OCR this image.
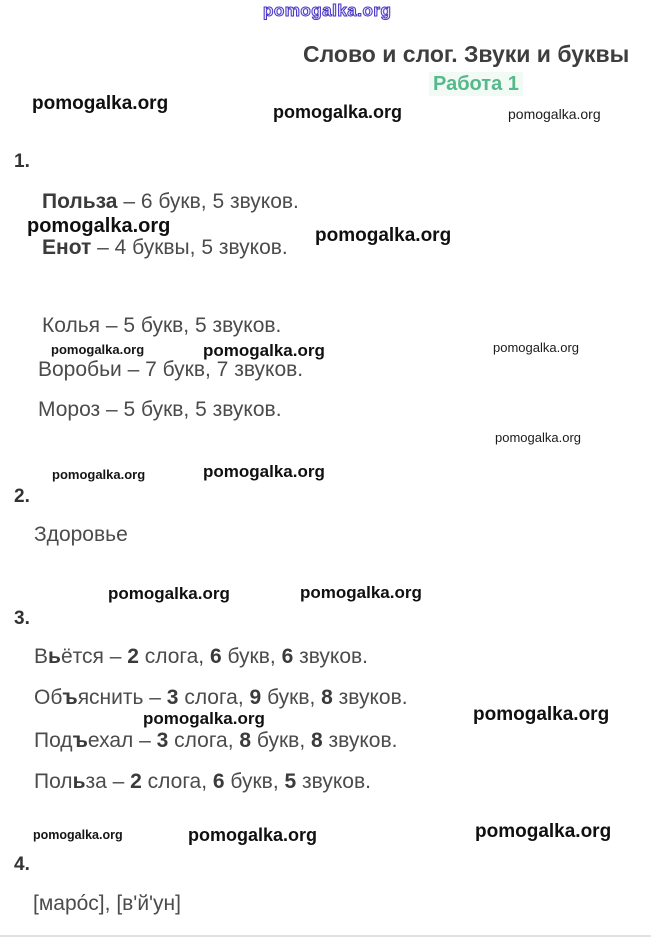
pomogalka.org
pomogalka.org	pomogalka.org	pomogalka.org
pomogalka.org	pomogalka.org
pomogalka.org	pomogalka.org	pomogalka.org
pomogalka.org
pomogalka.org	pomogalka.org
pomogalka.org	pomogalka.org
pomogalka.org	pomogalka.org
pomogalka.org	pomogalka.org	pomogalka.org
Слово и слог. Звуки и буквы
Работа 1
1.
Польза – 6 букв, 5 звуков.
Енот – 4 буквы, 5 звуков.
Колья – 5 букв, 5 звуков.
Воробьи – 7 букв, 7 звуков.
Мороз – 5 букв, 5 звуков.
2.
Здоровье
3.
Вьётся – 2 слога, 6 букв, 6 звуков.
Объяснить – 3 слога, 9 букв, 8 звуков.
Подъехал – 3 слога, 8 букв, 8 звуков.
Польза – 2 слога, 6 букв, 5 звуков.
4.
[марóс], [в'й'ун]
